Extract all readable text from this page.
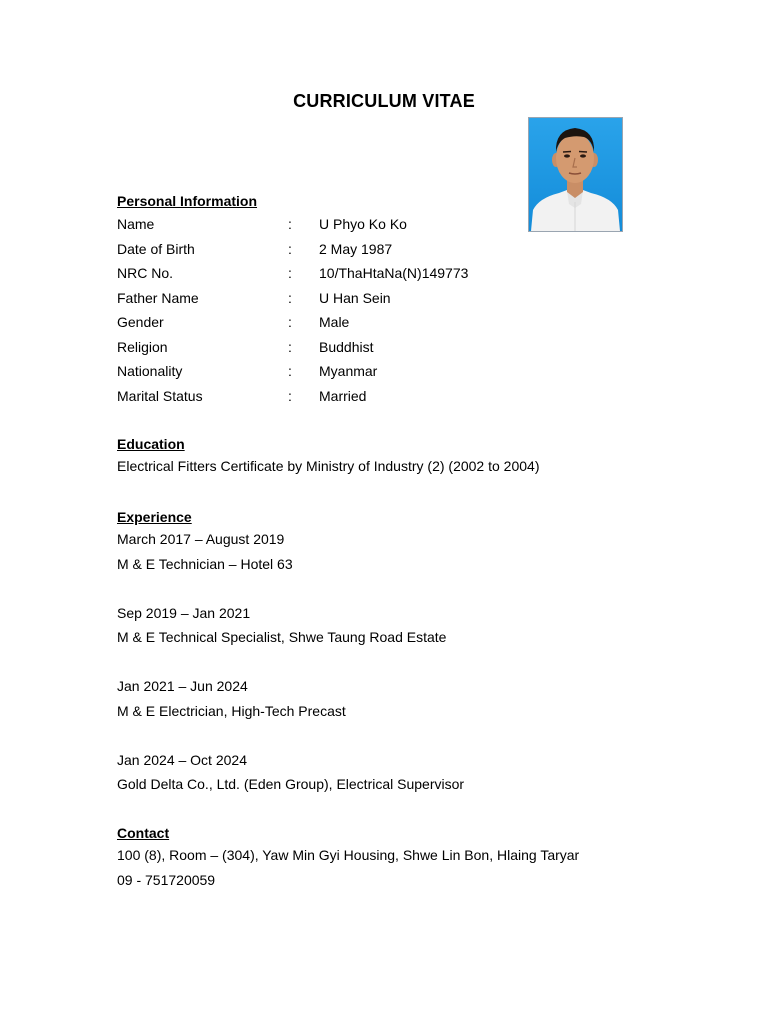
CURRICULUM VITAE
Personal Information
Name	: U Phyo Ko Ko
Date of Birth	: 2 May 1987
NRC No.	: 10/ThaHtaNa(N)149773
Father Name	: U Han Sein
Gender	: Male
Religion	: Buddhist
Nationality	: Myanmar
Marital Status	: Married
Education
Electrical Fitters Certificate by Ministry of Industry (2) (2002 to 2004)
Experience
March 2017 – August 2019
M & E Technician – Hotel 63
Sep 2019 – Jan 2021
M & E Technical Specialist, Shwe Taung Road Estate
Jan 2021 – Jun 2024
M & E Electrician, High-Tech Precast
Jan 2024 – Oct 2024
Gold Delta Co., Ltd. (Eden Group), Electrical Supervisor
Contact
100 (8), Room – (304), Yaw Min Gyi Housing, Shwe Lin Bon, Hlaing Taryar
09 - 751720059
